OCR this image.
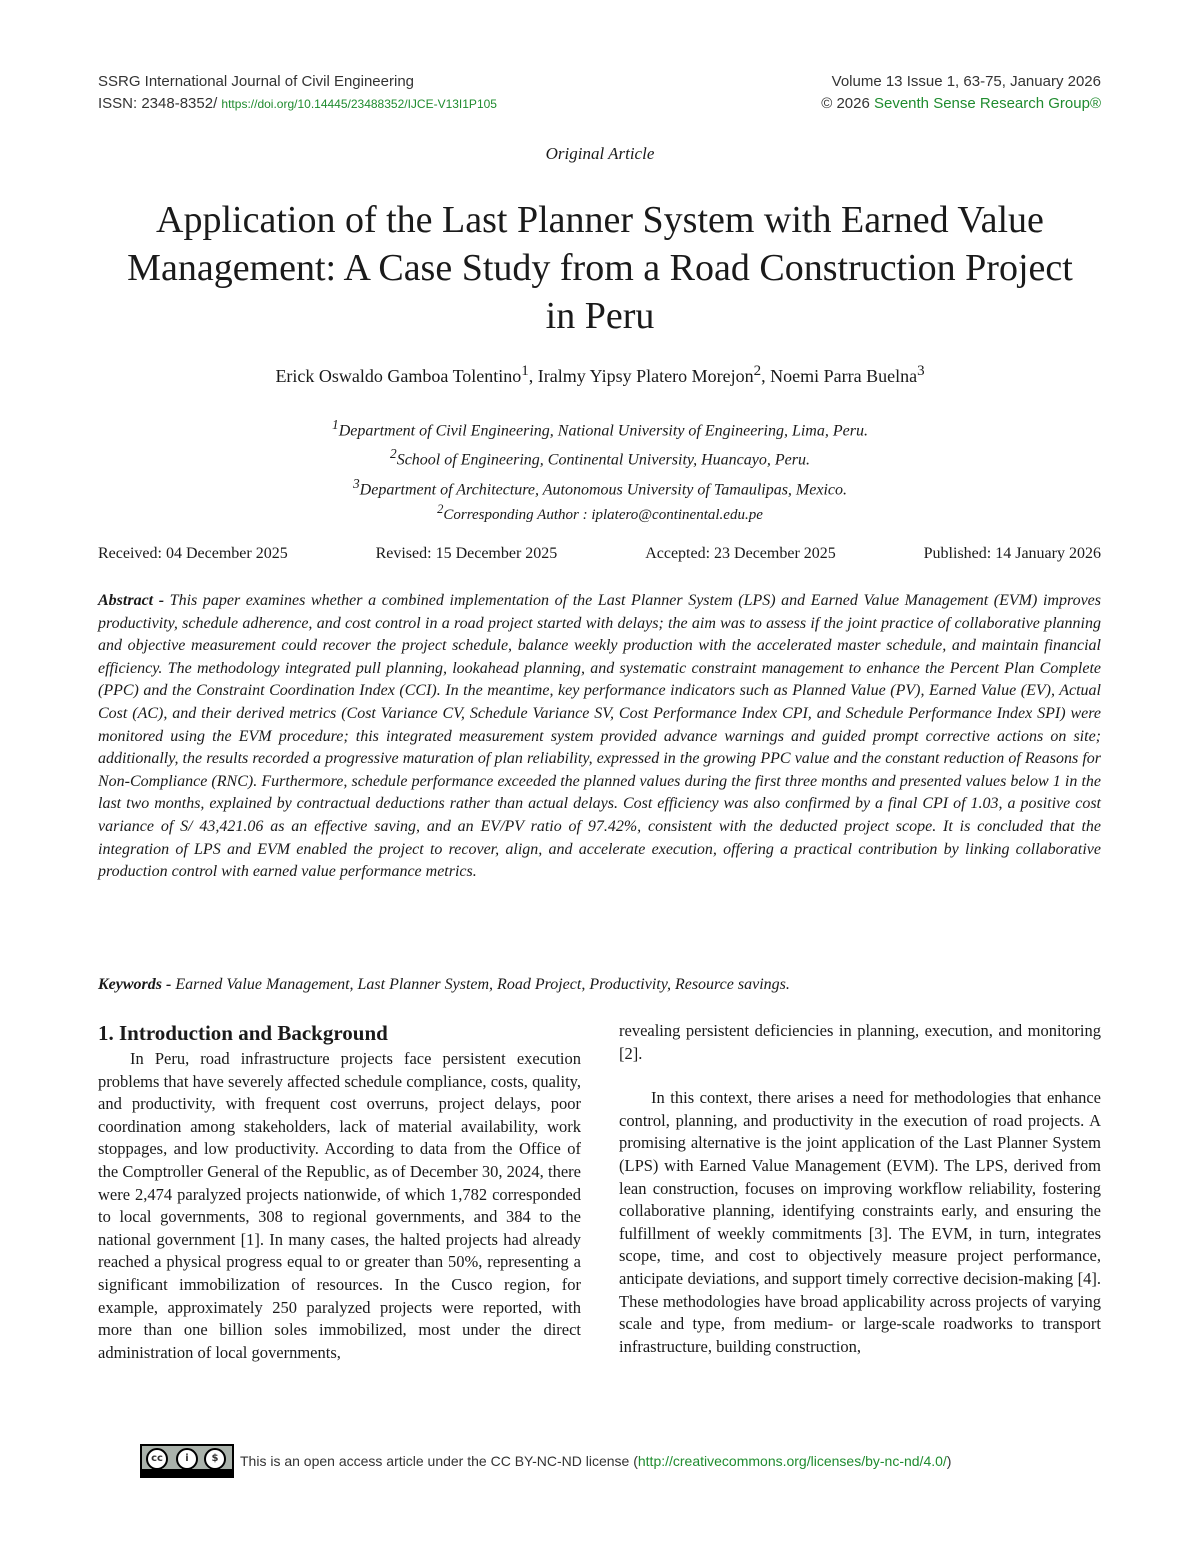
SSRG International Journal of Civil Engineering
ISSN: 2348-8352/ https://doi.org/10.14445/23488352/IJCE-V13I1P105
Volume 13 Issue 1, 63-75, January 2026
© 2026 Seventh Sense Research Group®
Original Article
Application of the Last Planner System with Earned Value Management: A Case Study from a Road Construction Project in Peru
Erick Oswaldo Gamboa Tolentino$^1$, Iralmy Yipsy Platero Morejon$^2$, Noemi Parra Buelna$^3$
$^1$Department of Civil Engineering, National University of Engineering, Lima, Peru.
$^2$School of Engineering, Continental University, Huancayo, Peru.
$^3$Department of Architecture, Autonomous University of Tamaulipas, Mexico.
$^2$Corresponding Author : iplatero@continental.edu.pe
Received: 04 December 2025	Revised: 15 December 2025	Accepted: 23 December 2025	Published: 14 January 2026

Abstract - This paper examines whether a combined implementation of the Last Planner System (LPS) and Earned Value Management (EVM) improves productivity, schedule adherence, and cost control in a road project started with delays; the aim was to assess if the joint practice of collaborative planning and objective measurement could recover the project schedule, balance weekly production with the accelerated master schedule, and maintain financial efficiency. The methodology integrated pull planning, lookahead planning, and systematic constraint management to enhance the Percent Plan Complete (PPC) and the Constraint Coordination Index (CCI). In the meantime, key performance indicators such as Planned Value (PV), Earned Value (EV), Actual Cost (AC), and their derived metrics (Cost Variance CV, Schedule Variance SV, Cost Performance Index CPI, and Schedule Performance Index SPI) were monitored using the EVM procedure; this integrated measurement system provided advance warnings and guided prompt corrective actions on site; additionally, the results recorded a progressive maturation of plan reliability, expressed in the growing PPC value and the constant reduction of Reasons for Non-Compliance (RNC). Furthermore, schedule performance exceeded the planned values during the first three months and presented values below 1 in the last two months, explained by contractual deductions rather than actual delays. Cost efficiency was also confirmed by a final CPI of 1.03, a positive cost variance of S/ 43,421.06 as an effective saving, and an EV/PV ratio of 97.42%, consistent with the deducted project scope. It is concluded that the integration of LPS and EVM enabled the project to recover, align, and accelerate execution, offering a practical contribution by linking collaborative production control with earned value performance metrics.

Keywords - Earned Value Management, Last Planner System, Road Project, Productivity, Resource savings.

1. Introduction and Background

In Peru, road infrastructure projects face persistent execution problems that have severely affected schedule compliance, costs, quality, and productivity, with frequent cost overruns, project delays, poor coordination among stakeholders, lack of material availability, work stoppages, and low productivity. According to data from the Office of the Comptroller General of the Republic, as of December 30, 2024, there were 2,474 paralyzed projects nationwide, of which 1,782 corresponded to local governments, 308 to regional governments, and 384 to the national government [1]. In many cases, the halted projects had already reached a physical progress equal to or greater than 50%, representing a significant immobilization of resources. In the Cusco region, for example, approximately 250 paralyzed projects were reported, with more than one billion soles immobilized, most under the direct administration of local governments,

revealing persistent deficiencies in planning, execution, and monitoring [2].

In this context, there arises a need for methodologies that enhance control, planning, and productivity in the execution of road projects. A promising alternative is the joint application of the Last Planner System (LPS) with Earned Value Management (EVM). The LPS, derived from lean construction, focuses on improving workflow reliability, fostering collaborative planning, identifying constraints early, and ensuring the fulfillment of weekly commitments [3]. The EVM, in turn, integrates scope, time, and cost to objectively measure project performance, anticipate deviations, and support timely corrective decision-making [4]. These methodologies have broad applicability across projects of varying scale and type, from medium- or large-scale roadworks to transport infrastructure, building construction,

cc	i	$	This is an open access article under the CC BY-NC-ND license ( http://creativecommons.org/licenses/by-nc-nd/4.0/ )
